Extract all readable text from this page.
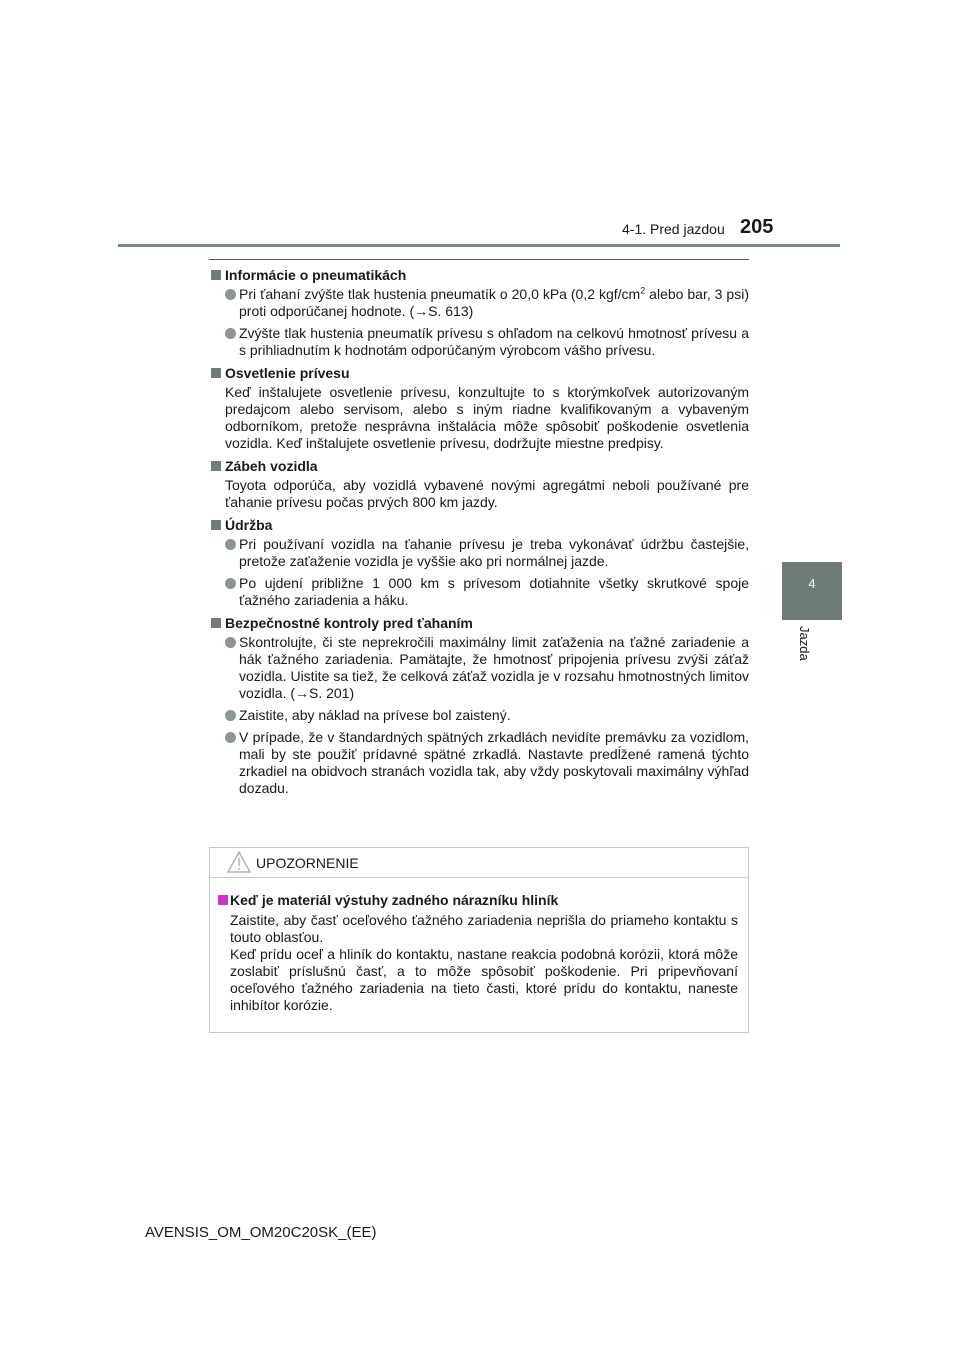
4-1. Pred jazdou 205
4
Jazda
Informácie o pneumatikách
Pri ťahaní zvýšte tlak hustenia pneumatík o 20,0 kPa (0,2 kgf/$cm^2$ alebo bar, 3 psi) proti odporúčanej hodnote. (→S. 613)
Zvýšte tlak hustenia pneumatík prívesu s ohľadom na celkovú hmotnosť prívesu a s prihliadnutím k hodnotám odporúčaným výrobcom vášho prívesu.
Osvetlenie prívesu
Keď inštalujete osvetlenie prívesu, konzultujte to s ktorýmkoľvek autorizovaným predajcom alebo servisom, alebo s iným riadne kvalifikovaným a vybaveným odborníkom, pretože nesprávna inštalácia môže spôsobiť poškodenie osvetlenia vozidla. Keď inštalujete osvetlenie prívesu, dodržujte miestne predpisy.
Zábeh vozidla
Toyota odporúča, aby vozidlá vybavené novými agregátmi neboli používané pre ťahanie prívesu počas prvých 800 km jazdy.
Údržba
Pri používaní vozidla na ťahanie prívesu je treba vykonávať údržbu častejšie, pretože zaťaženie vozidla je vyššie ako pri normálnej jazde.
Po ujdení približne 1 000 km s prívesom dotiahnite všetky skrutkové spoje ťažného zariadenia a háku.
Bezpečnostné kontroly pred ťahaním
Skontrolujte, či ste neprekročili maximálny limit zaťaženia na ťažné zariadenie a hák ťažného zariadenia. Pamätajte, že hmotnosť pripojenia prívesu zvýši záťaž vozidla. Uistite sa tiež, že celková záťaž vozidla je v rozsahu hmotnostných limitov vozidla. (→S. 201)
Zaistite, aby náklad na prívese bol zaistený.
V prípade, že v štandardných spätných zrkadlách nevidíte premávku za vozidlom, mali by ste použiť prídavné spätné zrkadlá. Nastavte predĺžené ramená týchto zrkadiel na obidvoch stranách vozidla tak, aby vždy poskytovali maximálny výhľad dozadu.
UPOZORNENIE
Keď je materiál výstuhy zadného nárazníku hliník
Zaistite, aby časť oceľového ťažného zariadenia neprišla do priameho kontaktu s touto oblasťou.
Keď prídu oceľ a hliník do kontaktu, nastane reakcia podobná korózii, ktorá môže zoslabiť príslušnú časť, a to môže spôsobiť poškodenie. Pri pripevňovaní oceľového ťažného zariadenia na tieto časti, ktoré prídu do kontaktu, naneste inhibítor korózie.
AVENSIS_OM_OM20C20SK_(EE)
